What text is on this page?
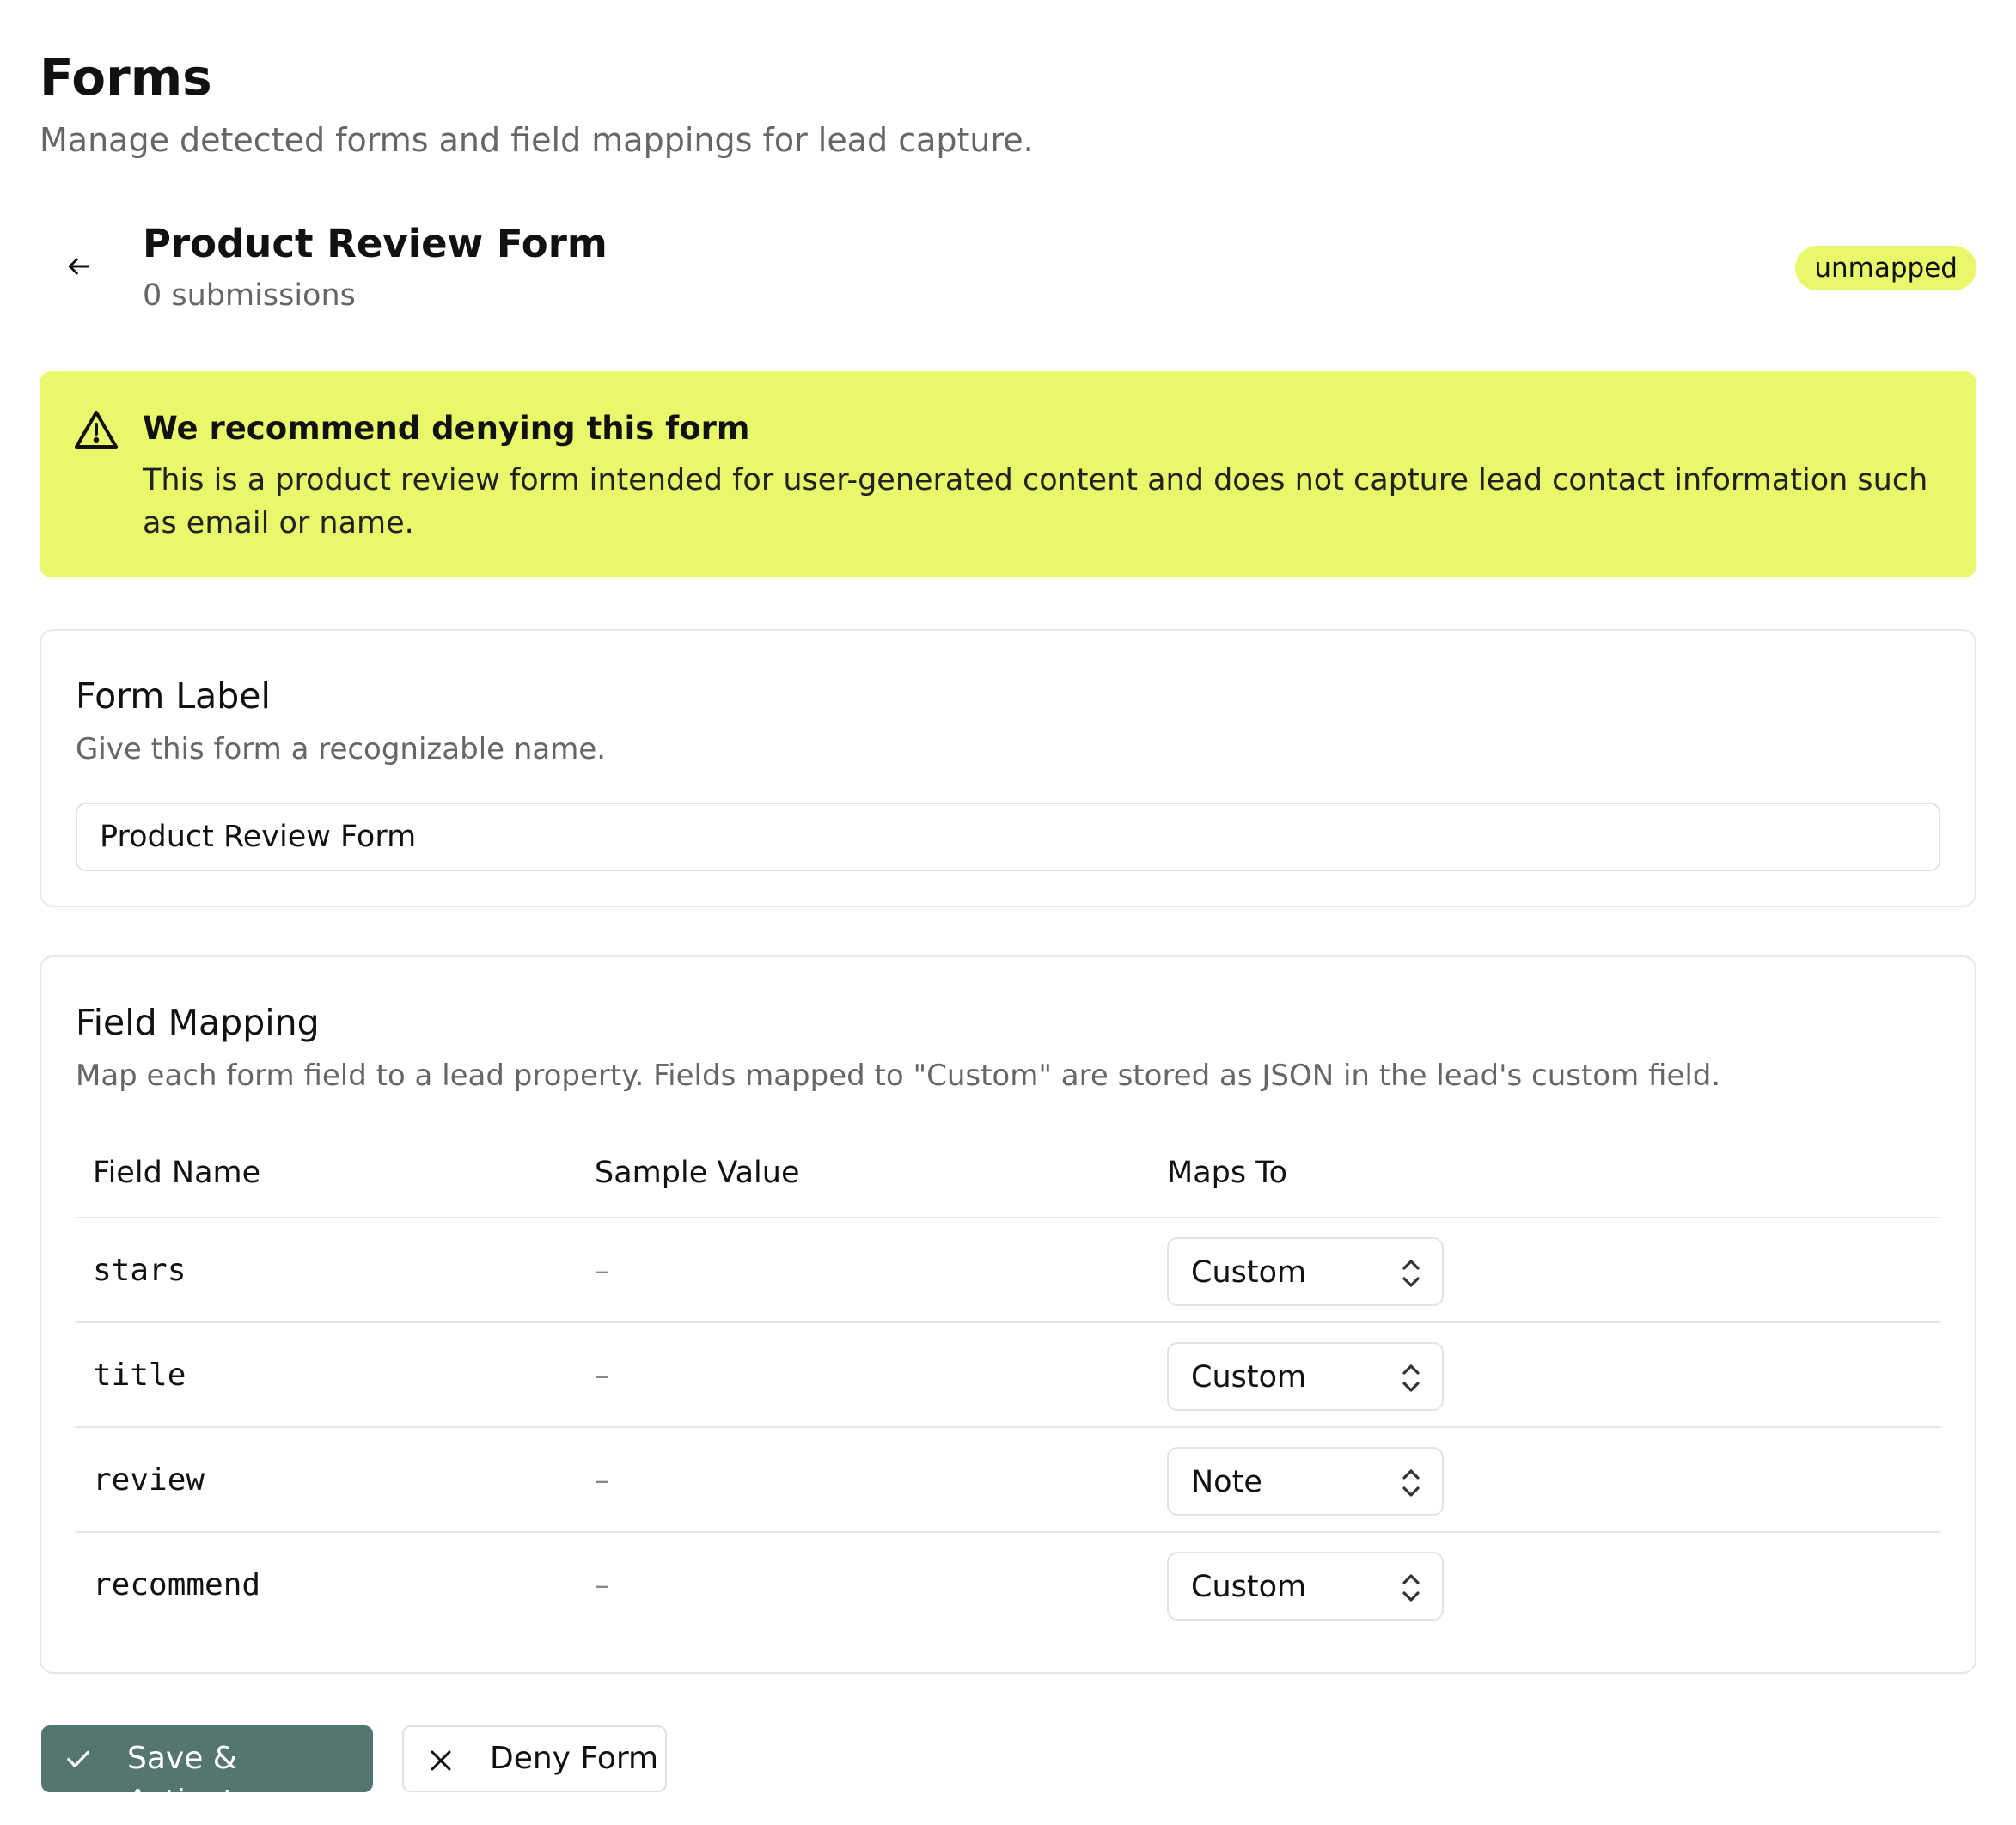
Forms
Manage detected forms and field mappings for lead capture.
Product Review Form
0 submissions
unmapped
We recommend denying this form
This is a product review form intended for user-generated content and does not capture lead contact information such as email or name.
Form Label
Give this form a recognizable name.
Product Review Form
Field Mapping
Map each form field to a lead property. Fields mapped to "Custom" are stored as JSON in the lead's custom field.
Field Name	Sample Value	Maps To
stars	–	Custom
title	–	Custom
review	–	Note
recommend	–	Custom
Save & Activate
Deny Form
